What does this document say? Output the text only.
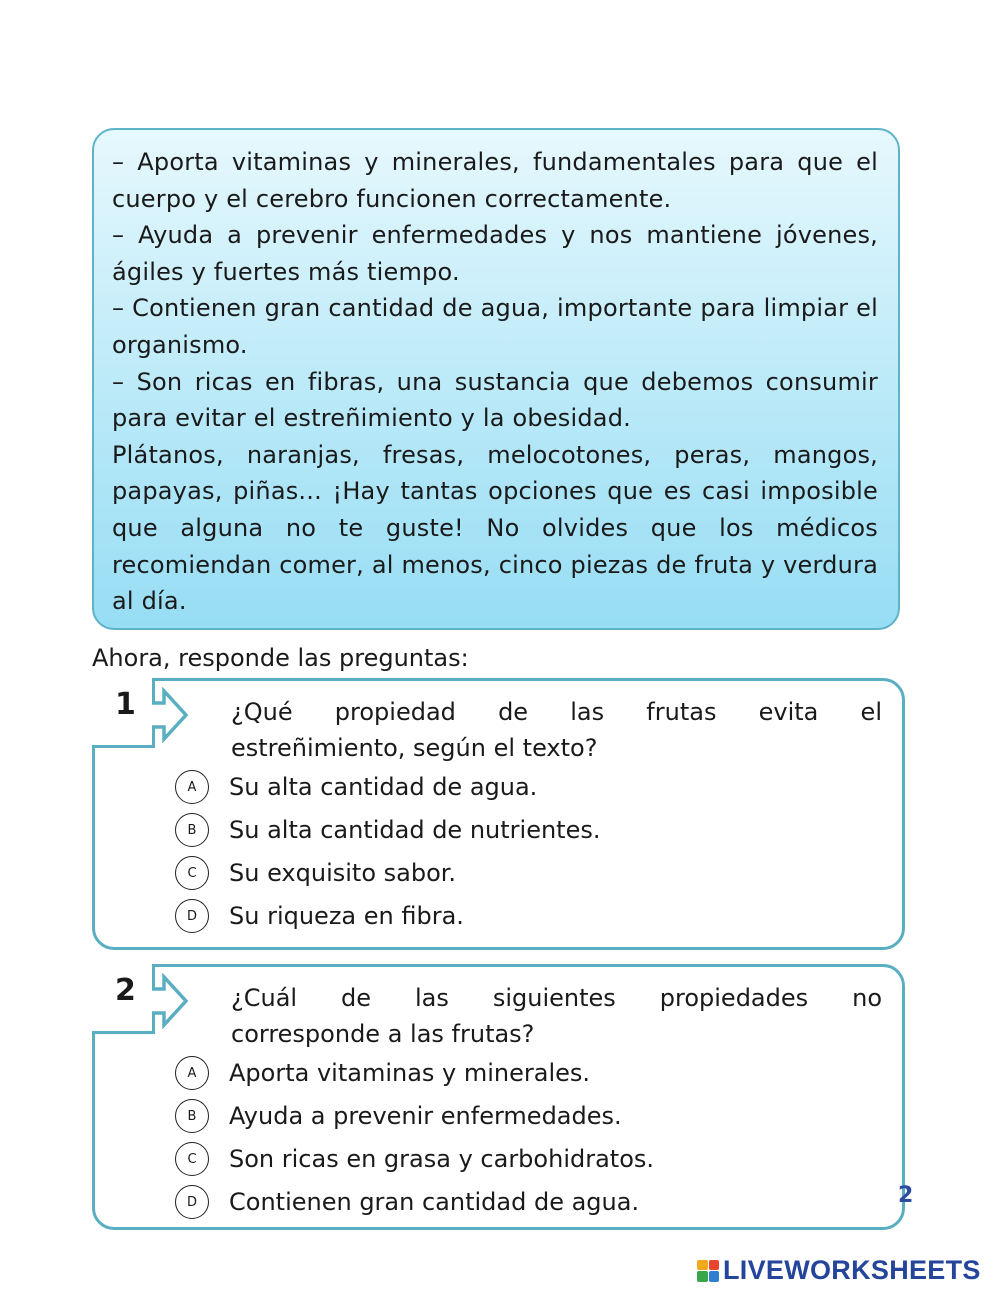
– Aporta vitaminas y minerales, fundamentales para que el cuerpo y el cerebro funcionen correctamente.

– Ayuda a prevenir enfermedades y nos mantiene jóvenes, ágiles y fuertes más tiempo.

– Contienen gran cantidad de agua, importante para limpiar el organismo.

– Son ricas en fibras, una sustancia que debemos consumir para evitar el estreñimiento y la obesidad.

Plátanos, naranjas, fresas, melocotones, peras, mangos, papayas, piñas... ¡Hay tantas opciones que es casi imposible que alguna no te guste! No olvides que los médicos recomiendan comer, al menos, cinco piezas de fruta y verdura al día.

Ahora, responde las preguntas:
1	¿Qué propiedad de las frutas evita el
estreñimiento, según el texto?
A	Su alta cantidad de agua.
B	Su alta cantidad de nutrientes.
C	Su exquisito sabor.
D	Su riqueza en fibra.
2	¿Cuál de las siguientes propiedades no
corresponde a las frutas?
A	Aporta vitaminas y minerales.
B	Ayuda a prevenir enfermedades.
C	Son ricas en grasa y carbohidratos.
D	Contienen gran cantidad de agua.	2
LIVEWORKSHEETS
